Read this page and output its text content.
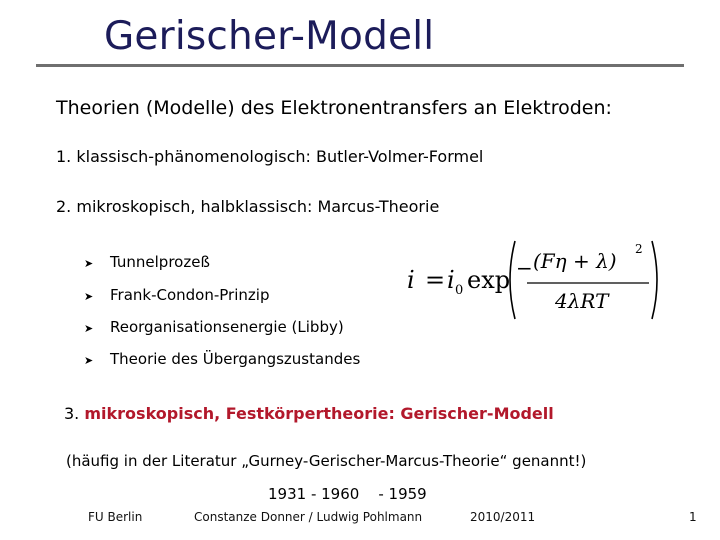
Gerischer-Modell
Theorien (Modelle) des Elektronentransfers an Elektroden:
1. klassisch-phänomenologisch: Butler-Volmer-Formel
2. mikroskopisch, halbklassisch: Marcus-Theorie
➤ Tunnelprozeß
➤ Frank-Condon-Prinzip
➤ Reorganisationsenergie (Libby)
➤ Theorie des Übergangszustandes
i = i 0 exp − (Fη + λ) 2
4λRT
3. mikroskopisch, Festkörpertheorie: Gerischer-Modell
(häufig in der Literatur „Gurney-Gerischer-Marcus-Theorie“ genannt!)
1931 - 1960    - 1959
FU Berlin	Constanze Donner / Ludwig Pohlmann	2010/2011	1
